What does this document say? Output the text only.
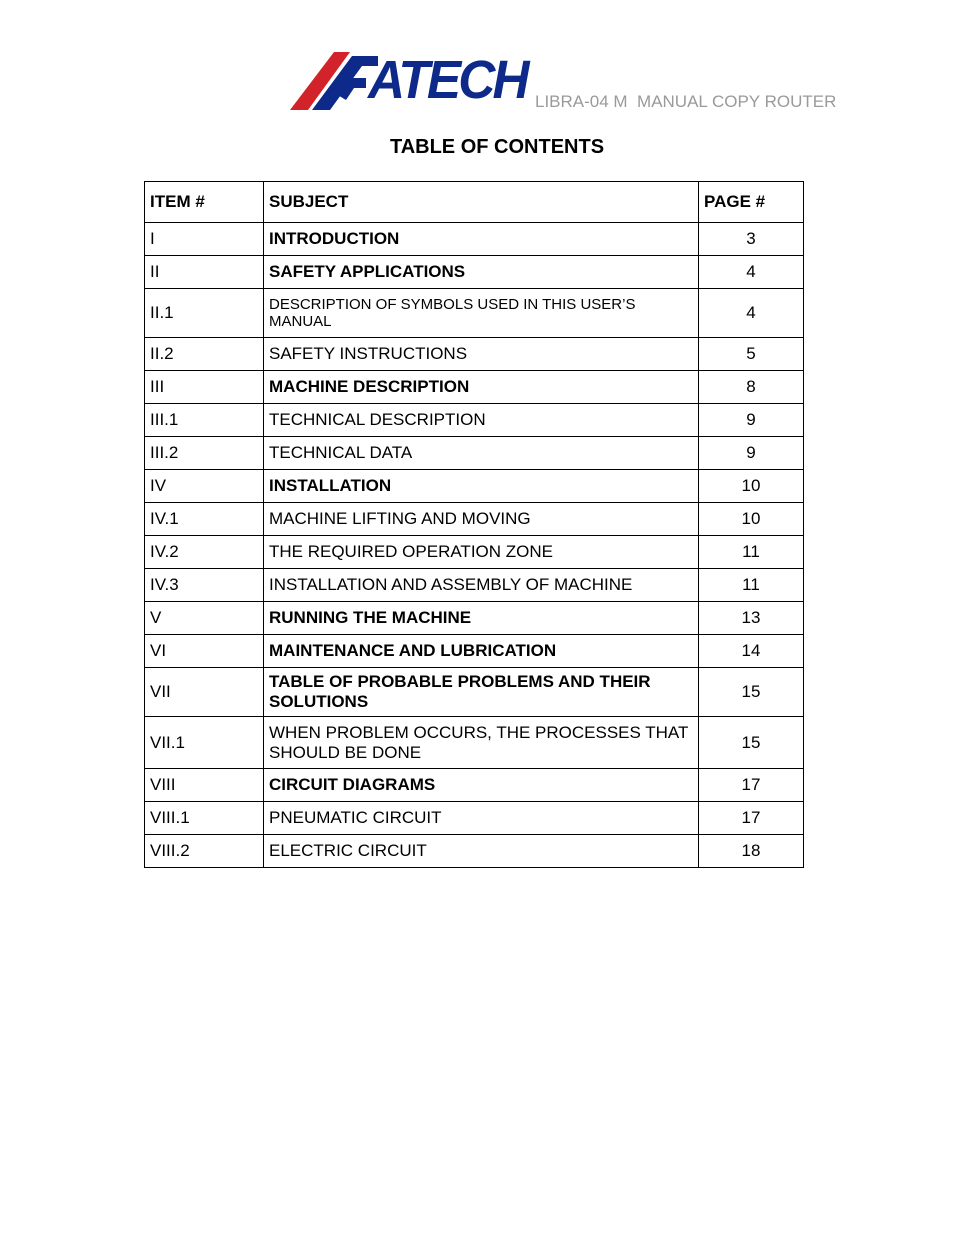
ATECH LIBRA-04 M  MANUAL COPY ROUTER
TABLE OF CONTENTS
ITEM #	SUBJECT	PAGE #
I	INTRODUCTION	3
II	SAFETY APPLICATIONS	4
II.1	DESCRIPTION OF SYMBOLS USED IN THIS USER’S MANUAL	4
II.2	SAFETY INSTRUCTIONS	5
III	MACHINE DESCRIPTION	8
III.1	TECHNICAL DESCRIPTION	9
III.2	TECHNICAL DATA	9
IV	INSTALLATION	10
IV.1	MACHINE LIFTING AND MOVING	10
IV.2	THE REQUIRED OPERATION ZONE	11
IV.3	INSTALLATION AND ASSEMBLY OF MACHINE	11
V	RUNNING THE MACHINE	13
VI	MAINTENANCE AND LUBRICATION	14
VII	TABLE OF PROBABLE PROBLEMS AND THEIR SOLUTIONS	15
VII.1	WHEN PROBLEM OCCURS, THE PROCESSES THAT SHOULD BE DONE	15
VIII	CIRCUIT DIAGRAMS	17
VIII.1	PNEUMATIC CIRCUIT	17
VIII.2	ELECTRIC CIRCUIT	18
